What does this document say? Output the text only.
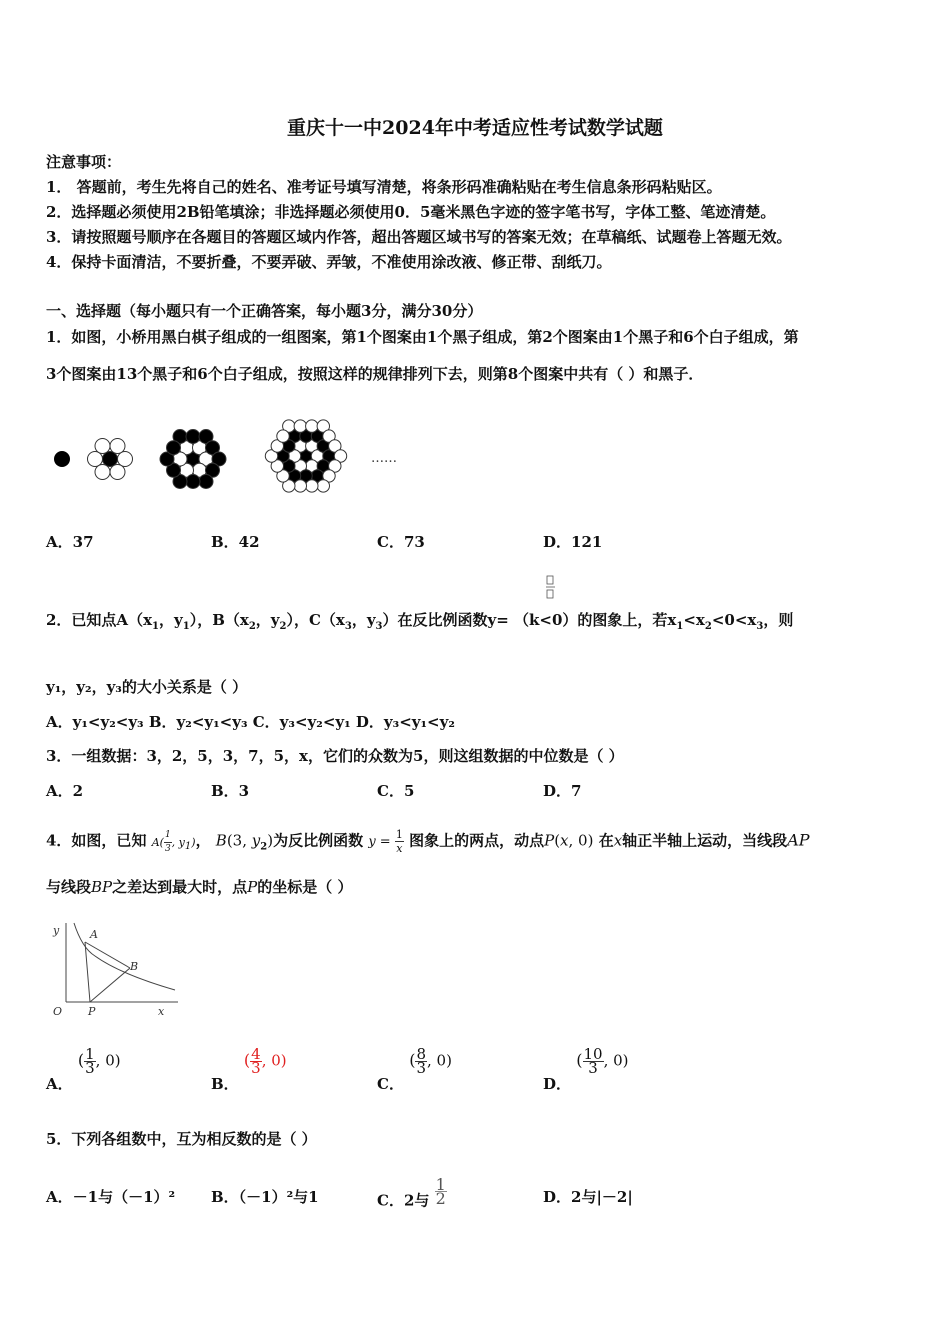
重庆十一中2024年中考适应性考试数学试题
注意事项：
1． 答题前，考生先将自己的姓名、准考证号填写清楚，将条形码准确粘贴在考生信息条形码粘贴区。
2．选择题必须使用2B铅笔填涂；非选择题必须使用0．5毫米黑色字迹的签字笔书写，字体工整、笔迹清楚。
3．请按照题号顺序在各题目的答题区域内作答，超出答题区域书写的答案无效；在草稿纸、试题卷上答题无效。
4．保持卡面清洁，不要折叠，不要弄破、弄皱，不准使用涂改液、修正带、刮纸刀。
一、选择题（每小题只有一个正确答案，每小题3分，满分30分）
1．如图，小桥用黑白棋子组成的一组图案，第1个图案由1个黑子组成，第2个图案由1个黑子和6个白子组成，第
3个图案由13个黑子和6个白子组成，按照这样的规律排列下去，则第8个图案中共有（ ）和黑子．
……
A．37	B．42	C．73	D．121
2．已知点$A(x_1$，$y_1$），$B(x_2$，$y_2$），$C(x_3$，$y_3$）在反比例函数y= （k<0）的图象上，若$x_1<x_2<0<x_3$，则
y₁，y₂，y₃的大小关系是（ ）
A．y₁<y₂<y₃ B．y₂<y₁<y₃ C．y₃<y₂<y₁ D．y₃<y₁<y₂
3．一组数据：3，2，5，3，7，5，x，它们的众数为5，则这组数据的中位数是（ ）
A．2	B．3	C．5	D．7
4．如图，已知 $A( \frac{1}{3}$ , $y_1$)， B(3, $y_2$)为反比例函数 $y = \frac{1}{x}$ 图象上的两点，动点P(x, 0) 在x轴正半轴上运动，当线段AP
与线段BP之差达到最大时，点P的坐标是（ ）
y	A
B
O P	x
A． ( $\frac{1}{3}$ , 0)
B． ( $\frac{4}{3}$ , 0)
C． ( $\frac{8}{3}$ , 0)
D． ( $\frac{10}{3}$ , 0)
5．下列各组数中，互为相反数的是（ ）
A．－1与（－1）² B．（－1）²与1	C．2与 $\frac{1}{2}$	D．2与|－2|
